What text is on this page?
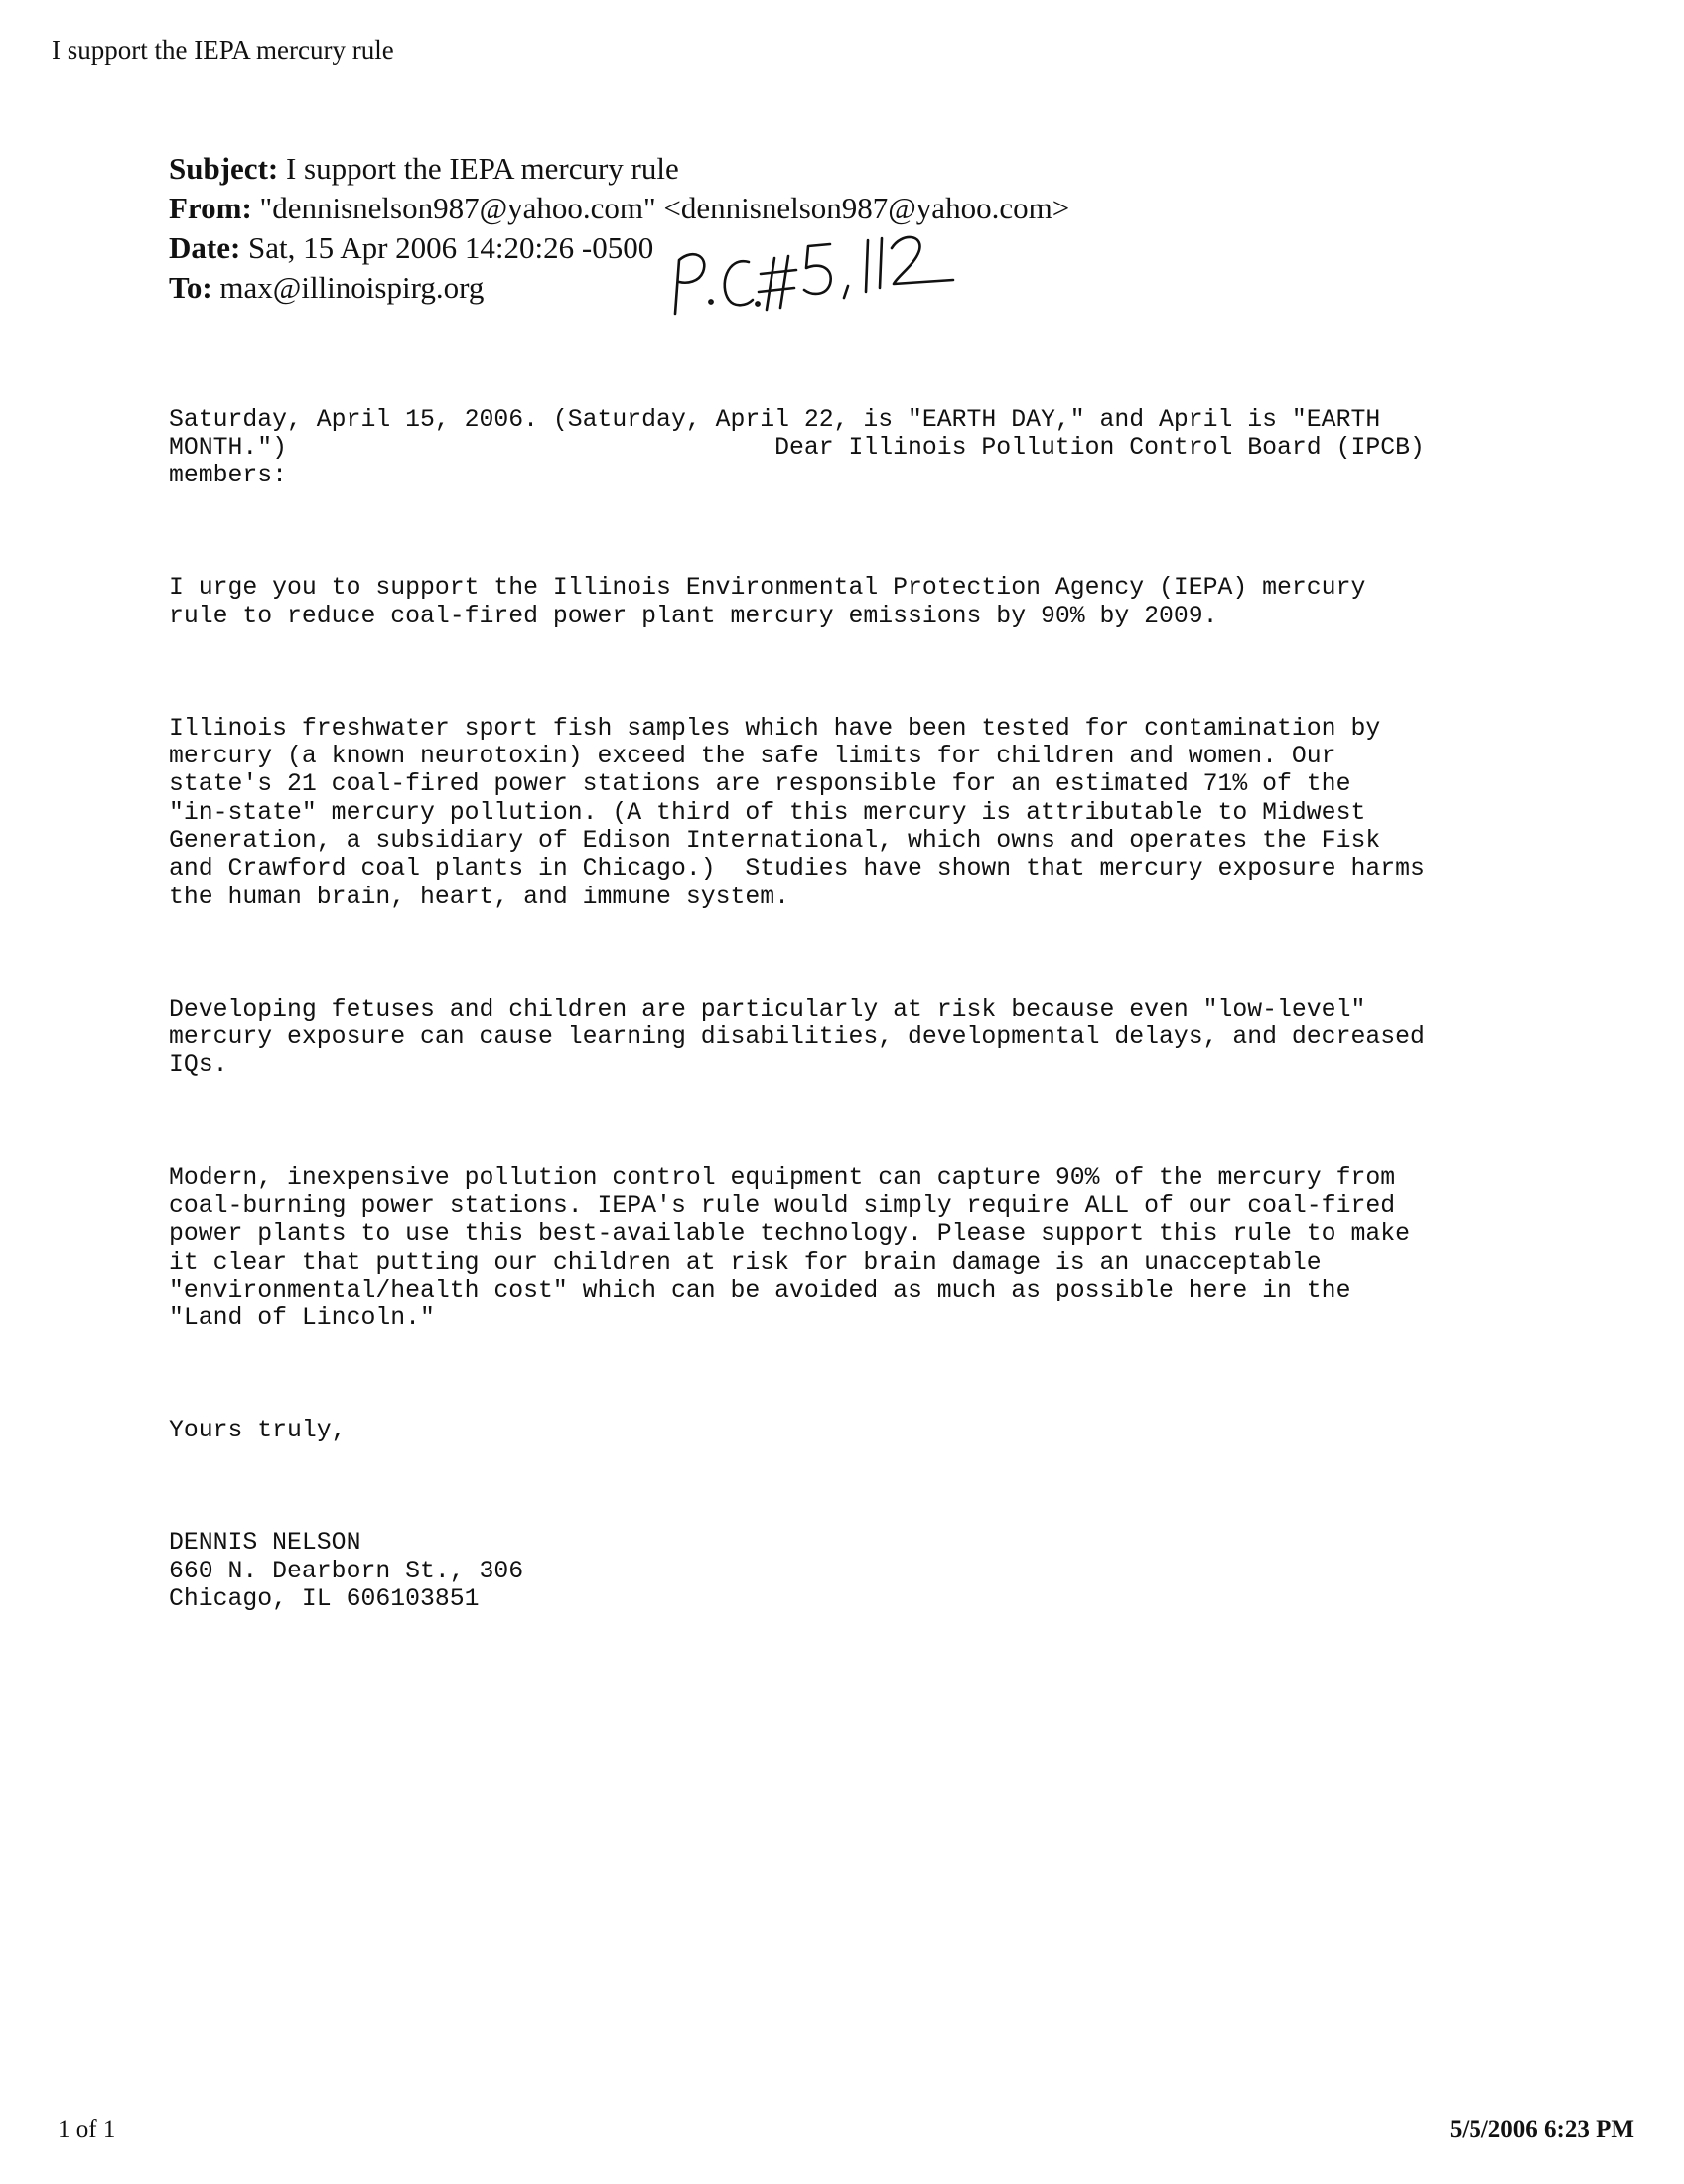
I support the IEPA mercury rule
Subject: I support the IEPA mercury rule
From: "dennisnelson987@yahoo.com" <dennisnelson987@yahoo.com>
Date: Sat, 15 Apr 2006 14:20:26 -0500
To: max@illinoispirg.org

Saturday, April 15, 2006. (Saturday, April 22, is "EARTH DAY," and April is "EARTH
MONTH.")                                 Dear Illinois Pollution Control Board (IPCB)
members:

I urge you to support the Illinois Environmental Protection Agency (IEPA) mercury
rule to reduce coal-fired power plant mercury emissions by 90% by 2009.

Illinois freshwater sport fish samples which have been tested for contamination by
mercury (a known neurotoxin) exceed the safe limits for children and women. Our
state's 21 coal-fired power stations are responsible for an estimated 71% of the
"in-state" mercury pollution. (A third of this mercury is attributable to Midwest
Generation, a subsidiary of Edison International, which owns and operates the Fisk
and Crawford coal plants in Chicago.)  Studies have shown that mercury exposure harms
the human brain, heart, and immune system.

Developing fetuses and children are particularly at risk because even "low-level"
mercury exposure can cause learning disabilities, developmental delays, and decreased
IQs.

Modern, inexpensive pollution control equipment can capture 90% of the mercury from
coal-burning power stations. IEPA's rule would simply require ALL of our coal-fired
power plants to use this best-available technology. Please support this rule to make
it clear that putting our children at risk for brain damage is an unacceptable
"environmental/health cost" which can be avoided as much as possible here in the
"Land of Lincoln."

Yours truly,

DENNIS NELSON
660 N. Dearborn St., 306
Chicago, IL 606103851

1 of 1	5/5/2006 6:23 PM
